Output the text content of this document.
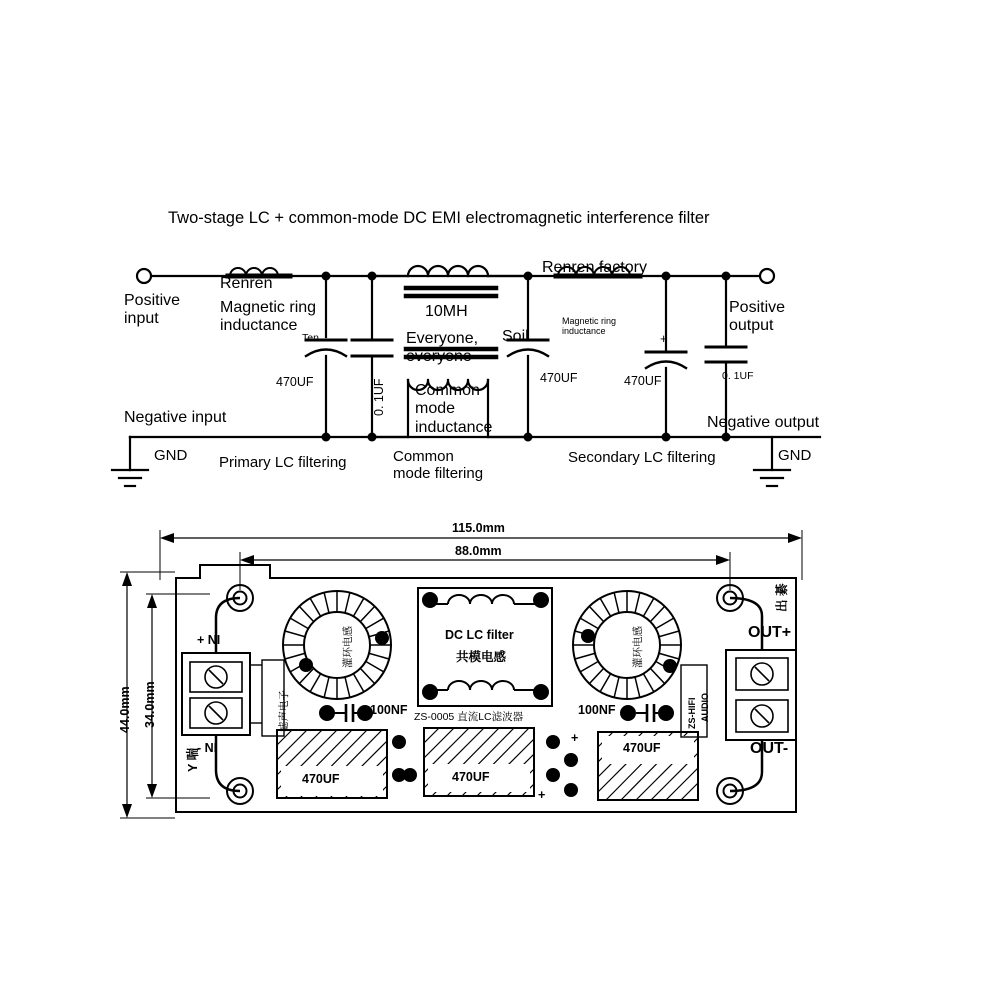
Two-stage LC + common-mode DC EMI electromagnetic interference filter
Positive
input
Negative input
Positive
output
Negative output
GND	GND
Renren
Magnetic ring
inductance
Ten
470UF	0. 1UF
10MH
Everyone,
everyone
Soil
Common
mode
inductance
470UF
Renren factory
Magnetic ring
inductance
+
470UF	0. 1UF
Primary LC filtering	Common
mode filtering
Secondary LC filtering
115.0mm
88.0mm
44.0mm 34.0mm
+ NI
- NI
Y 喘
滤声电子
灌环电感	灌环电感
DC LC filter
共模电感
ZS-0005 直流LC滤波器
100NF	100NF
470UF	470UF
470UF
+
+
OUT+
OUT-
出 綦
ZS-HIFI AUDIO
